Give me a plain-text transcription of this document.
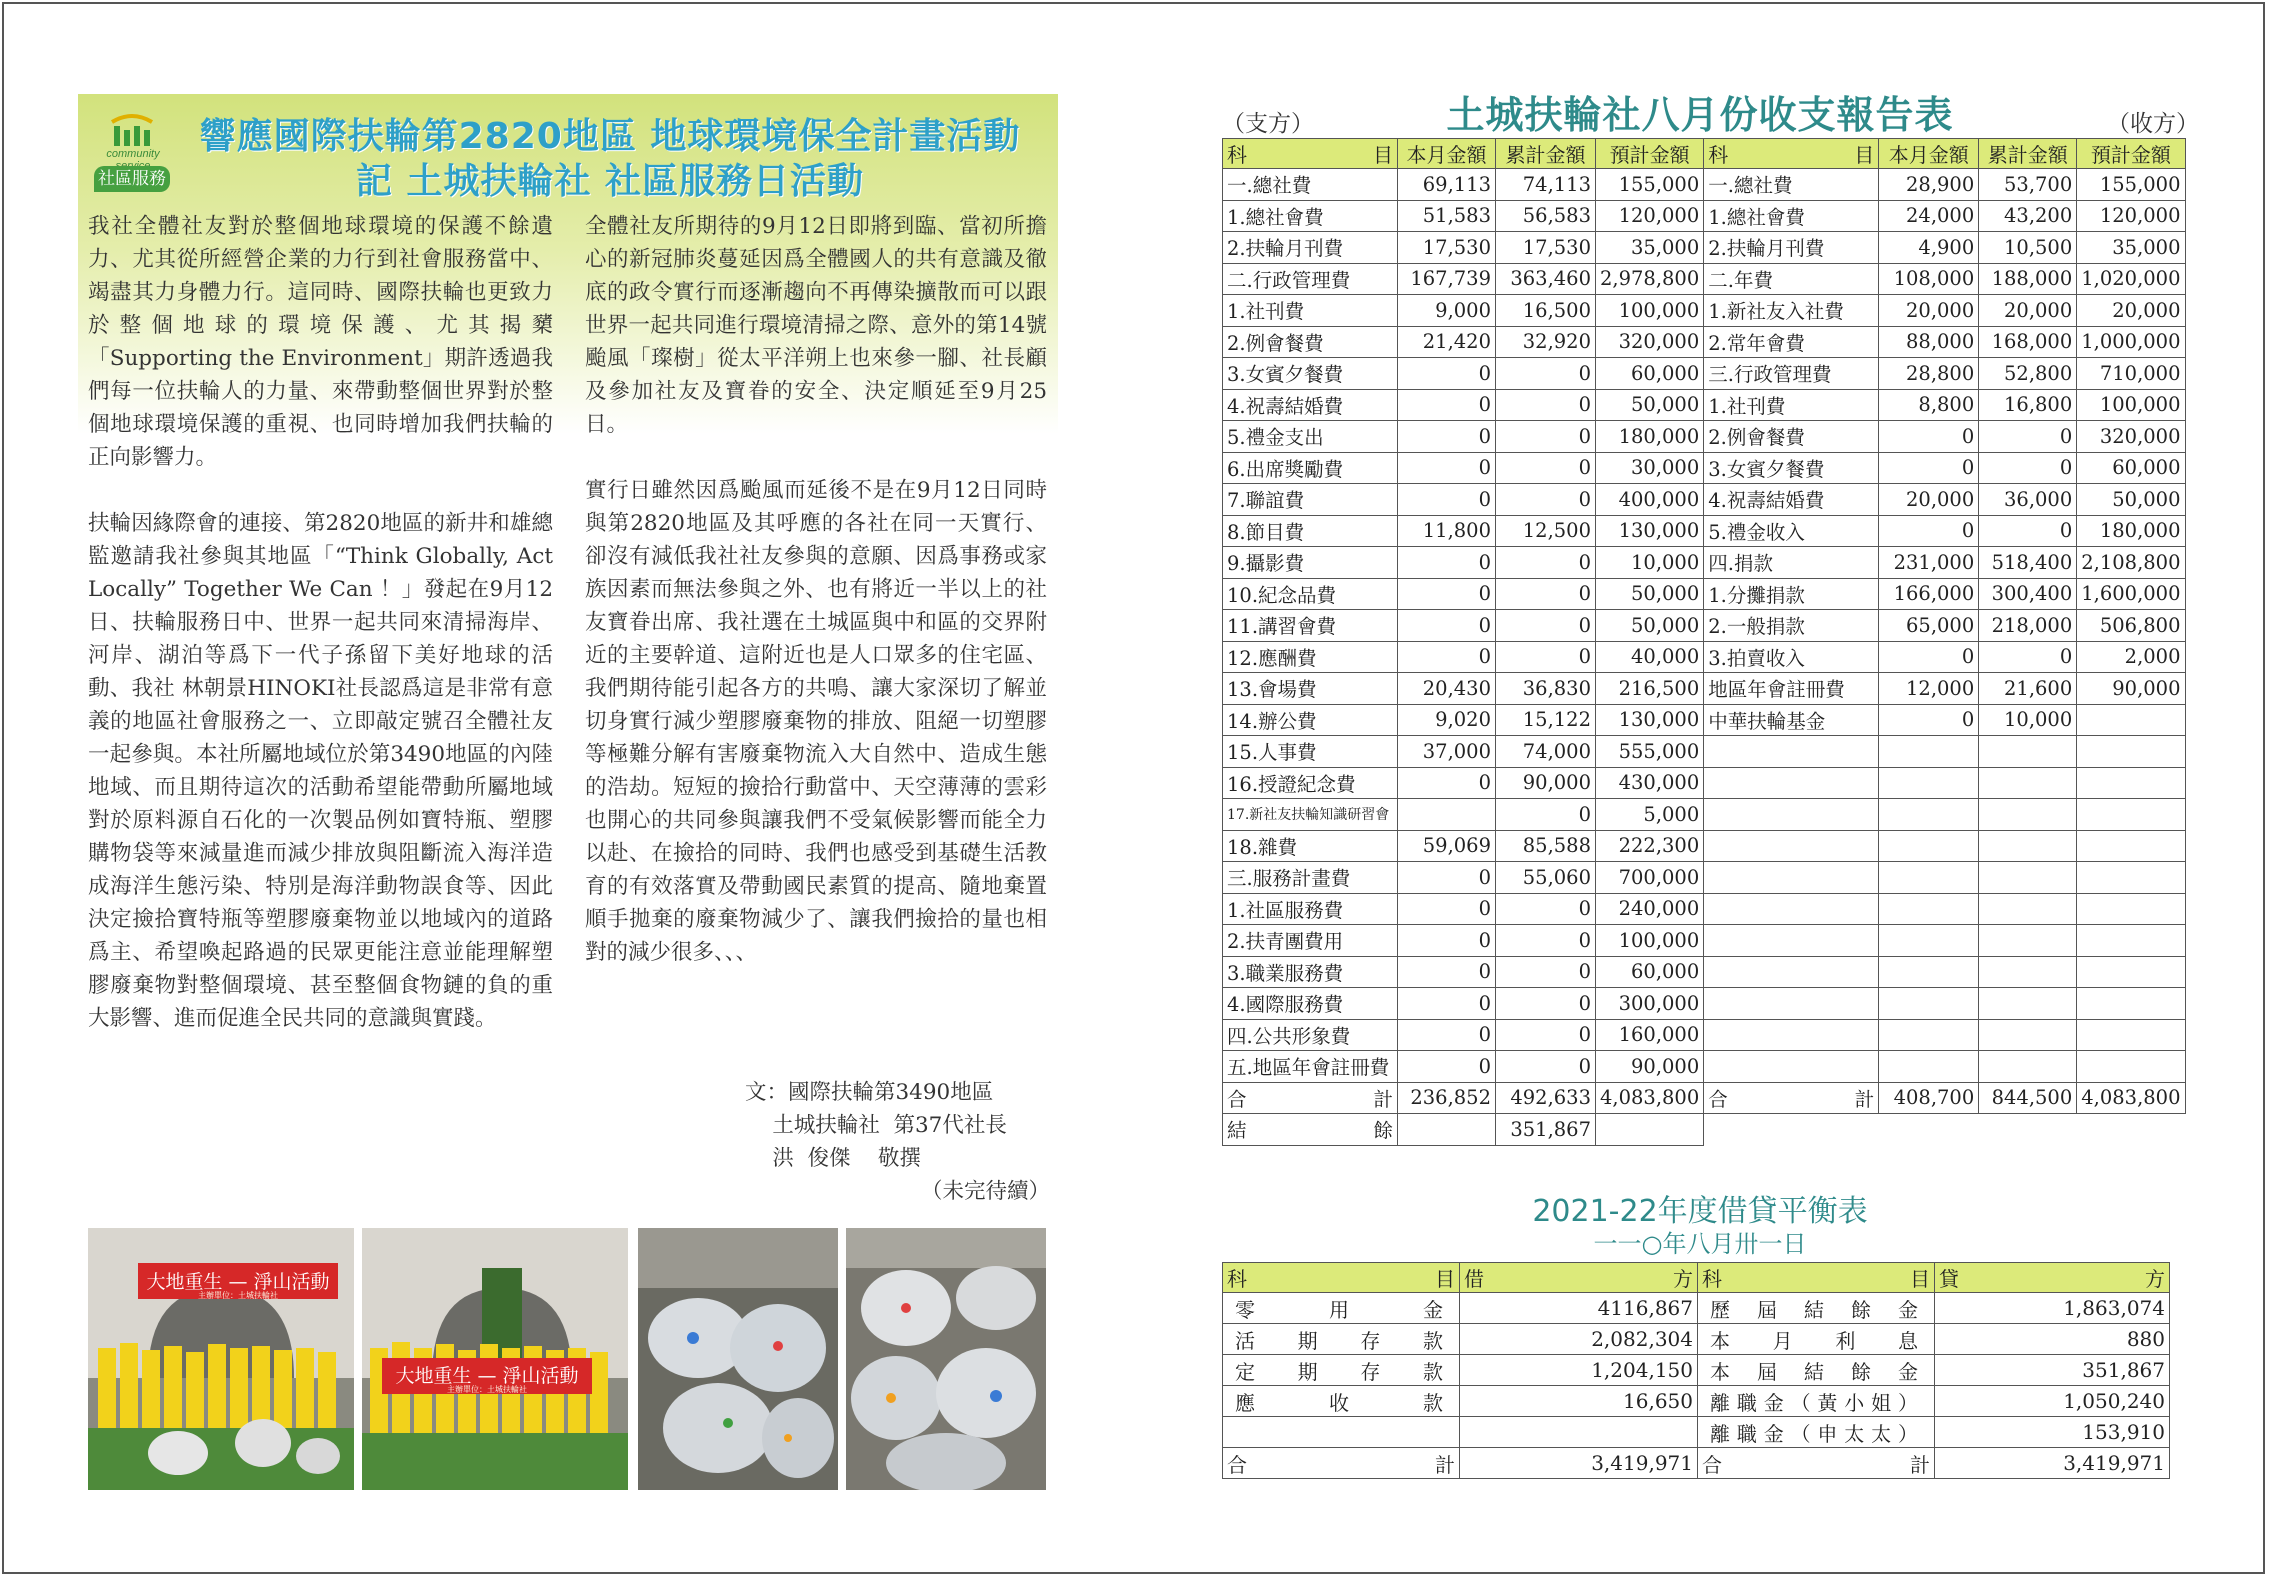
community
社區服務
響應國際扶輪第2820地區 地球環境保全計畫活動
記 土城扶輪社 社區服務日活動

我社全體社友對於整個地球環境的保護不餘遺力、尤其從所經營企業的力行到社會服務當中、竭盡其力身體力行。這同時、國際扶輪也更致力於整個地球的環境保護、尤其揭櫫「Supporting the Environment」期許透過我們每一位扶輪人的力量、來帶動整個世界對於整個地球環境保護的重視、也同時增加我們扶輪的正向影響力。

扶輪因緣際會的連接、第2820地區的新井和雄總監邀請我社參與其地區「“Think Globally, Act Locally” Together We Can ！」發起在9月12日、扶輪服務日中、世界一起共同來清掃海岸、河岸、湖泊等爲下一代子孫留下美好地球的活動、我社 林朝景HINOKI社長認爲這是非常有意義的地區社會服務之一、立即敲定號召全體社友一起參與。本社所屬地域位於第3490地區的內陸地域、而且期待這次的活動希望能帶動所屬地域對於原料源自石化的一次製品例如寶特瓶、塑膠購物袋等來減量進而減少排放與阻斷流入海洋造成海洋生態污染、特別是海洋動物誤食等、因此決定撿拾寶特瓶等塑膠廢棄物並以地域內的道路爲主、希望喚起路過的民眾更能注意並能理解塑膠廢棄物對整個環境、甚至整個食物鏈的負的重大影響、進而促進全民共同的意識與實踐。

全體社友所期待的9月12日即將到臨、當初所擔心的新冠肺炎蔓延因爲全體國人的共有意識及徹底的政令實行而逐漸趨向不再傳染擴散而可以跟世界一起共同進行環境清掃之際、意外的第14號颱風「璨樹」從太平洋朔上也來參一腳、社長顧及參加社友及寶眷的安全、決定順延至9月25日。

實行日雖然因爲颱風而延後不是在9月12日同時與第2820地區及其呼應的各社在同一天實行、卻沒有減低我社社友參與的意願、因爲事務或家族因素而無法參與之外、也有將近一半以上的社友寶眷出席、我社選在土城區與中和區的交界附近的主要幹道、這附近也是人口眾多的住宅區、我們期待能引起各方的共鳴、讓大家深切了解並切身實行減少塑膠廢棄物的排放、阻絕一切塑膠等極難分解有害廢棄物流入大自然中、造成生態的浩劫。短短的撿拾行動當中、天空薄薄的雲彩也開心的共同參與讓我們不受氣候影響而能全力以赴、在撿拾的同時、我們也感受到基礎生活教育的有效落實及帶動國民素質的提高、隨地棄置順手拋棄的廢棄物減少了、讓我們撿拾的量也相對的減少很多、、、

文：國際扶輪第3490地區
土城扶輪社  第37代社長
洪  俊傑    敬撰
（未完待續）
大地重生 — 淨山活動
主辦單位：土城扶輪社
大地重生 — 淨山活動
主辦單位：土城扶輪社
（支方）	土城扶輪社八月份收支報告表	（收方）
科 目	本月金額	累計金額	預計金額	科 目	本月金額	累計金額	預計金額
一.總社費	69,113	74,113	155,000	一.總社費	28,900	53,700	155,000
1.總社會費	51,583	56,583	120,000	1.總社會費	24,000	43,200	120,000
2.扶輪月刊費	17,530	17,530	35,000	2.扶輪月刊費	4,900	10,500	35,000
二.行政管理費	167,739	363,460	2,978,800	二.年費	108,000	188,000	1,020,000
1.社刊費	9,000	16,500	100,000	1.新社友入社費	20,000	20,000	20,000
2.例會餐費	21,420	32,920	320,000	2.常年會費	88,000	168,000	1,000,000
3.女賓夕餐費	0	0	60,000	三.行政管理費	28,800	52,800	710,000
4.祝壽結婚費	0	0	50,000	1.社刊費	8,800	16,800	100,000
5.禮金支出	0	0	180,000	2.例會餐費	0	0	320,000
6.出席獎勵費	0	0	30,000	3.女賓夕餐費	0	0	60,000
7.聯誼費	0	0	400,000	4.祝壽結婚費	20,000	36,000	50,000
8.節目費	11,800	12,500	130,000	5.禮金收入	0	0	180,000
9.攝影費	0	0	10,000	四.捐款	231,000	518,400	2,108,800
10.紀念品費	0	0	50,000	1.分攤捐款	166,000	300,400	1,600,000
11.講習會費	0	0	50,000	2.一般捐款	65,000	218,000	506,800
12.應酬費	0	0	40,000	3.拍賣收入	0	0	2,000
13.會場費	20,430	36,830	216,500	地區年會註冊費	12,000	21,600	90,000
14.辦公費	9,020	15,122	130,000	中華扶輪基金	0	10,000	
15.人事費	37,000	74,000	555,000				
16.授證紀念費	0	90,000	430,000				
17.新社友扶輪知識研習會		0	5,000				
18.雜費	59,069	85,588	222,300				
三.服務計畫費	0	55,060	700,000				
1.社區服務費	0	0	240,000				
2.扶青團費用	0	0	100,000				
3.職業服務費	0	0	60,000				
4.國際服務費	0	0	300,000				
四.公共形象費	0	0	160,000				
五.地區年會註冊費	0	0	90,000				

合 計	236,852	492,633	4,083,800	合 計	408,700	844,500	4,083,800

結 餘		351,867					
2021-22年度借貸平衡表
一一○年八月卅一日
科 目	借 方	科 目	貸 方

零用金	4116,867	歷屆結餘金	1,863,074
活期存款	2,082,304	本月利息	880
定期存款	1,204,150	本屆結餘金	351,867
應收款	16,650	離職金（黃小姐）	1,050,240
		離職金（申太太）	153,910

合 計	3,419,971	合 計	3,419,971
